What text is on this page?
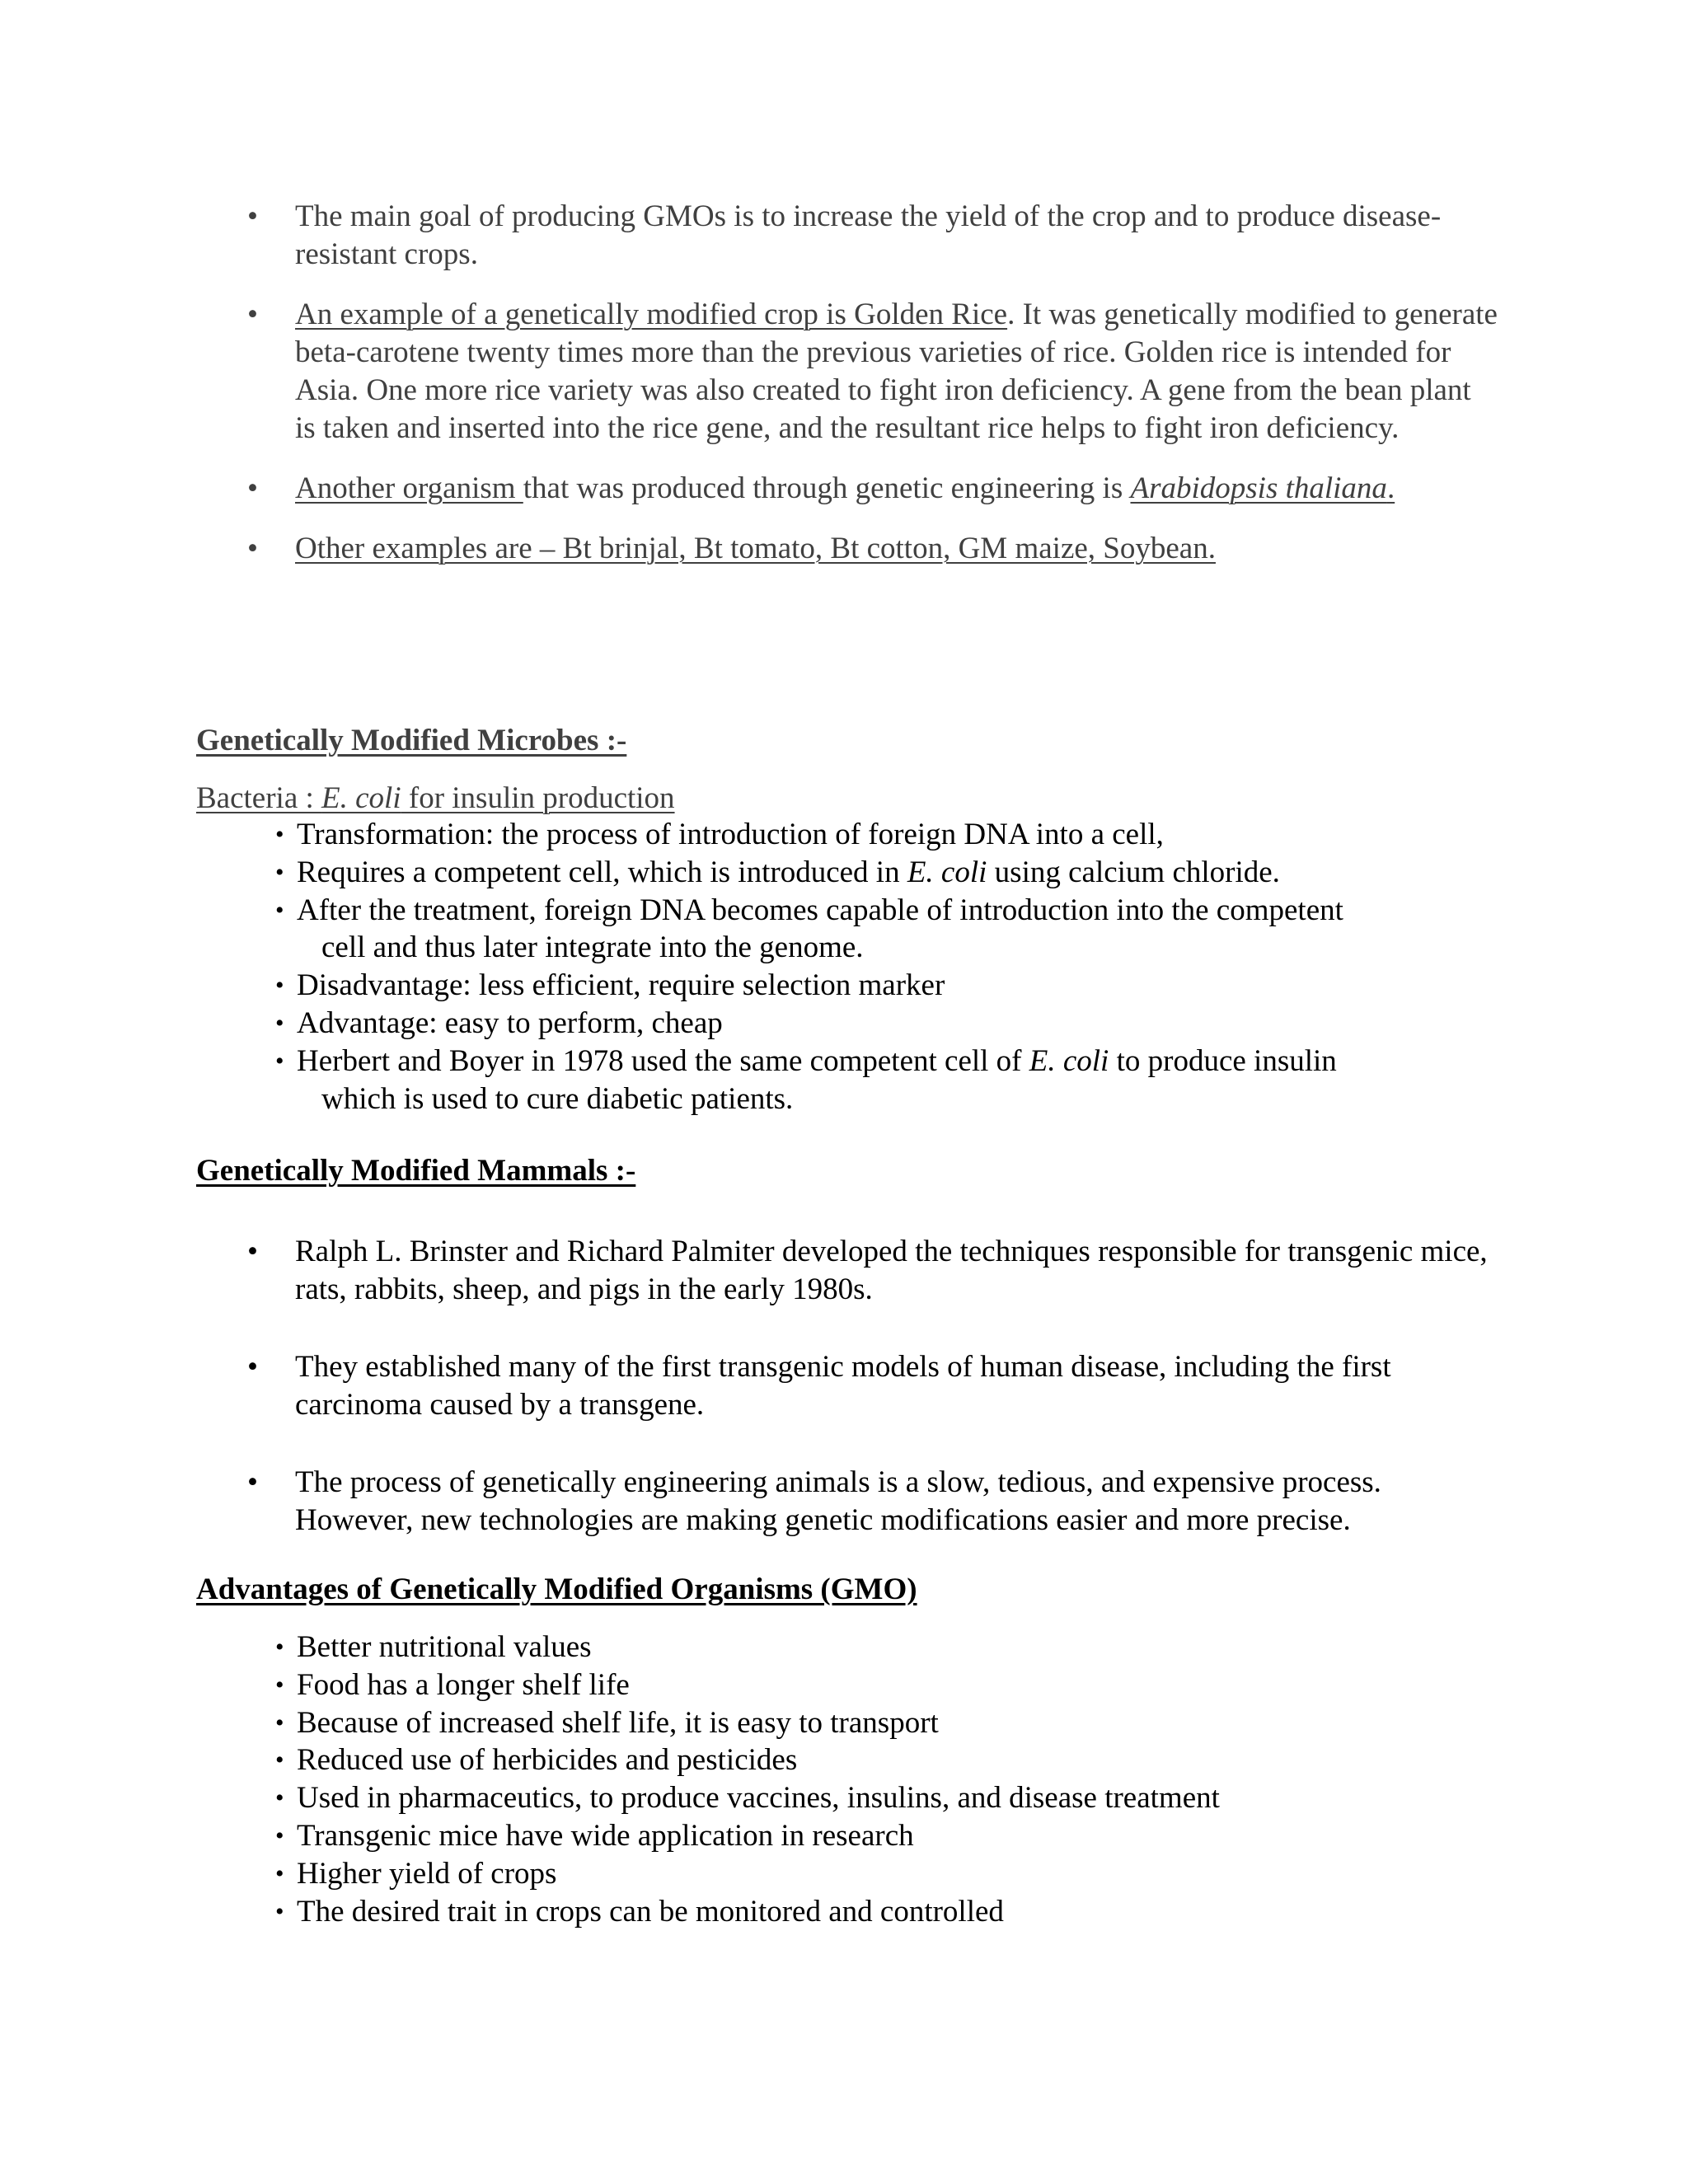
• The main goal of producing GMOs is to increase the yield of the crop and to produce disease-resistant crops.
• An example of a genetically modified crop is Golden Rice. It was genetically modified to generate beta-carotene twenty times more than the previous varieties of rice. Golden rice is intended for Asia. One more rice variety was also created to fight iron deficiency. A gene from the bean plant is taken and inserted into the rice gene, and the resultant rice helps to fight iron deficiency.
• Another organism that was produced through genetic engineering is Arabidopsis thaliana.
• Other examples are – Bt brinjal, Bt tomato, Bt cotton, GM maize, Soybean.
Genetically Modified Microbes :-

Bacteria : E. coli for insulin production

• Transformation: the process of introduction of foreign DNA into a cell,
• Requires a competent cell, which is introduced in E. coli using calcium chloride.
• After the treatment, foreign DNA becomes capable of introduction into the competent
cell and thus later integrate into the genome.
• Disadvantage: less efficient, require selection marker
• Advantage: easy to perform, cheap
• Herbert and Boyer in 1978 used the same competent cell of E. coli to produce insulin
which is used to cure diabetic patients.
Genetically Modified Mammals :-
• Ralph L. Brinster and Richard Palmiter developed the techniques responsible for transgenic mice, rats, rabbits, sheep, and pigs in the early 1980s.
• They established many of the first transgenic models of human disease, including the first carcinoma caused by a transgene.
• The process of genetically engineering animals is a slow, tedious, and expensive process. However, new technologies are making genetic modifications easier and more precise.
Advantages of Genetically Modified Organisms (GMO)
• Better nutritional values
• Food has a longer shelf life
• Because of increased shelf life, it is easy to transport
• Reduced use of herbicides and pesticides
• Used in pharmaceutics, to produce vaccines, insulins, and disease treatment
• Transgenic mice have wide application in research
• Higher yield of crops
• The desired trait in crops can be monitored and controlled
